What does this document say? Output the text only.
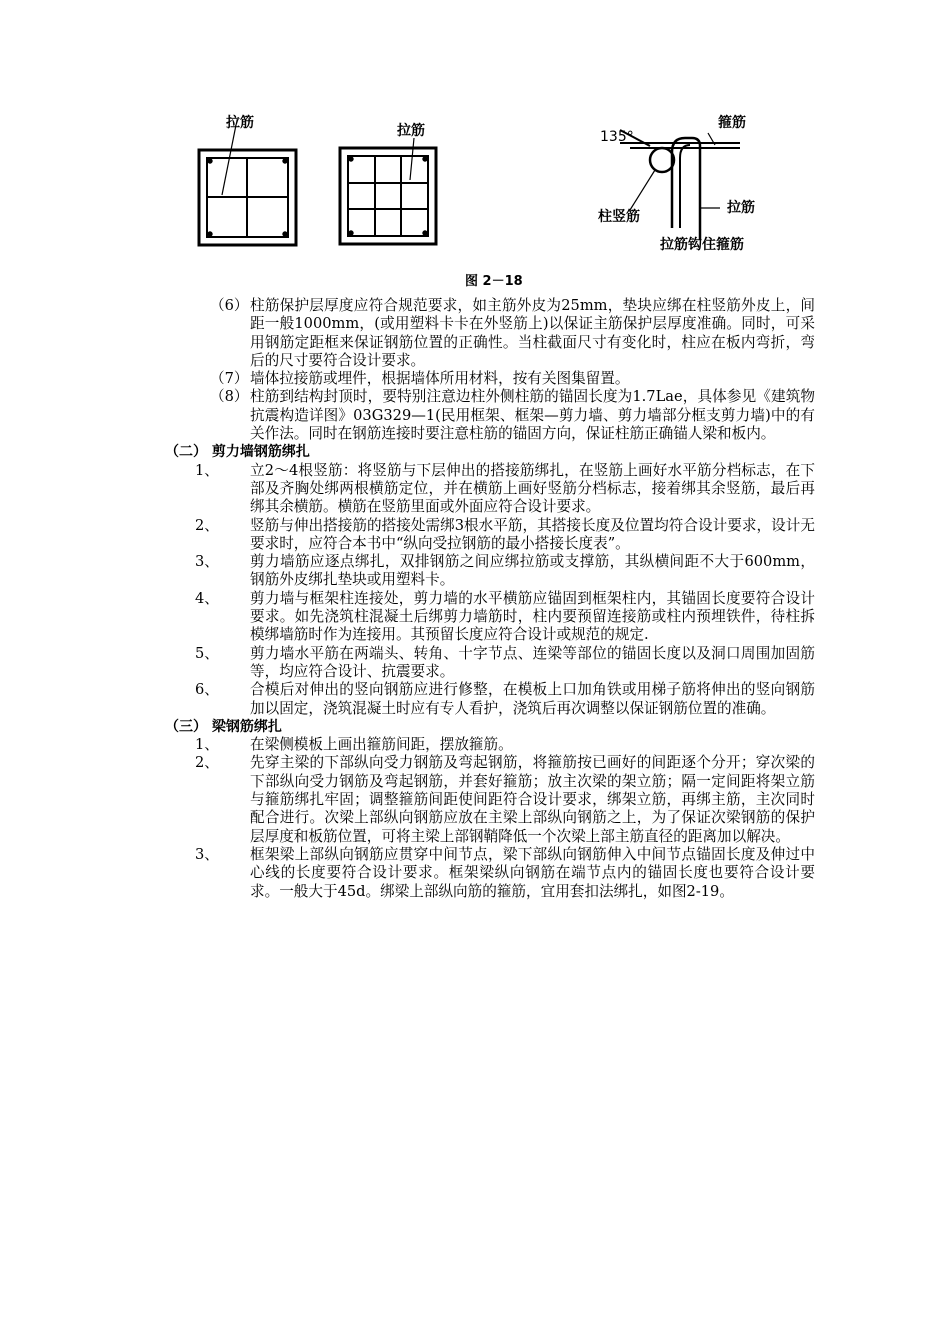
拉筋	拉筋	135°
箍筋
拉筋
柱竖筋
拉筋钩住箍筋
图 2－18
（6） 柱筋保护层厚度应符合规范要求，如主筋外皮为25mm，垫块应绑在柱竖筋外皮上，间距一般1000mm，(或用塑料卡卡在外竖筋上)以保证主筋保护层厚度准确。同时，可采用钢筋定距框来保证钢筋位置的正确性。当柱截面尺寸有变化时，柱应在板内弯折，弯后的尺寸要符合设计要求。
（7） 墙体拉接筋或埋件，根据墙体所用材料，按有关图集留置。
（8） 柱筋到结构封顶时，要特别注意边柱外侧柱筋的锚固长度为1.7Lae，具体参见《建筑物抗震构造详图》03G329—1(民用框架、框架—剪力墙、剪力墙部分框支剪力墙)中的有关作法。同时在钢筋连接时要注意柱筋的锚固方向，保证柱筋正确锚人梁和板内。
（二） 剪力墙钢筋绑扎
1、	立2～4根竖筋：将竖筋与下层伸出的搭接筋绑扎，在竖筋上画好水平筋分档标志，在下部及齐胸处绑两根横筋定位，并在横筋上画好竖筋分档标志，接着绑其余竖筋，最后再绑其余横筋。横筋在竖筋里面或外面应符合设计要求。
2、	竖筋与伸出搭接筋的搭接处需绑3根水平筋，其搭接长度及位置均符合设计要求，设计无要求时，应符合本书中“纵向受拉钢筋的最小搭接长度表”。
3、	剪力墙筋应逐点绑扎，双排钢筋之间应绑拉筋或支撑筋，其纵横间距不大于600mm，钢筋外皮绑扎垫块或用塑料卡。
4、	剪力墙与框架柱连接处，剪力墙的水平横筋应锚固到框架柱内，其锚固长度要符合设计要求。如先浇筑柱混凝土后绑剪力墙筋时，柱内要预留连接筋或柱内预埋铁件，待柱拆模绑墙筋时作为连接用。其预留长度应符合设计或规范的规定.
5、	剪力墙水平筋在两端头、转角、十字节点、连梁等部位的锚固长度以及洞口周围加固筋等，均应符合设计、抗震要求。
6、	合模后对伸出的竖向钢筋应进行修整，在模板上口加角铁或用梯子筋将伸出的竖向钢筋加以固定，浇筑混凝土时应有专人看护，浇筑后再次调整以保证钢筋位置的准确。
（三） 梁钢筋绑扎
1、	在梁侧模板上画出箍筋间距，摆放箍筋。
2、	先穿主梁的下部纵向受力钢筋及弯起钢筋，将箍筋按已画好的间距逐个分开；穿次梁的下部纵向受力钢筋及弯起钢筋，并套好箍筋；放主次梁的架立筋；隔一定间距将架立筋与箍筋绑扎牢固；调整箍筋间距使间距符合设计要求，绑架立筋，再绑主筋，主次同时配合进行。次梁上部纵向钢筋应放在主梁上部纵向钢筋之上，为了保证次梁钢筋的保护层厚度和板筋位置，可将主梁上部钢鞘降低一个次梁上部主筋直径的距离加以解决。
3、	框架梁上部纵向钢筋应贯穿中间节点，梁下部纵向钢筋伸入中间节点锚固长度及伸过中心线的长度要符合设计要求。框架梁纵向钢筋在端节点内的锚固长度也要符合设计要求。一般大于45d。绑梁上部纵向筋的箍筋，宜用套扣法绑扎，如图2-19。
